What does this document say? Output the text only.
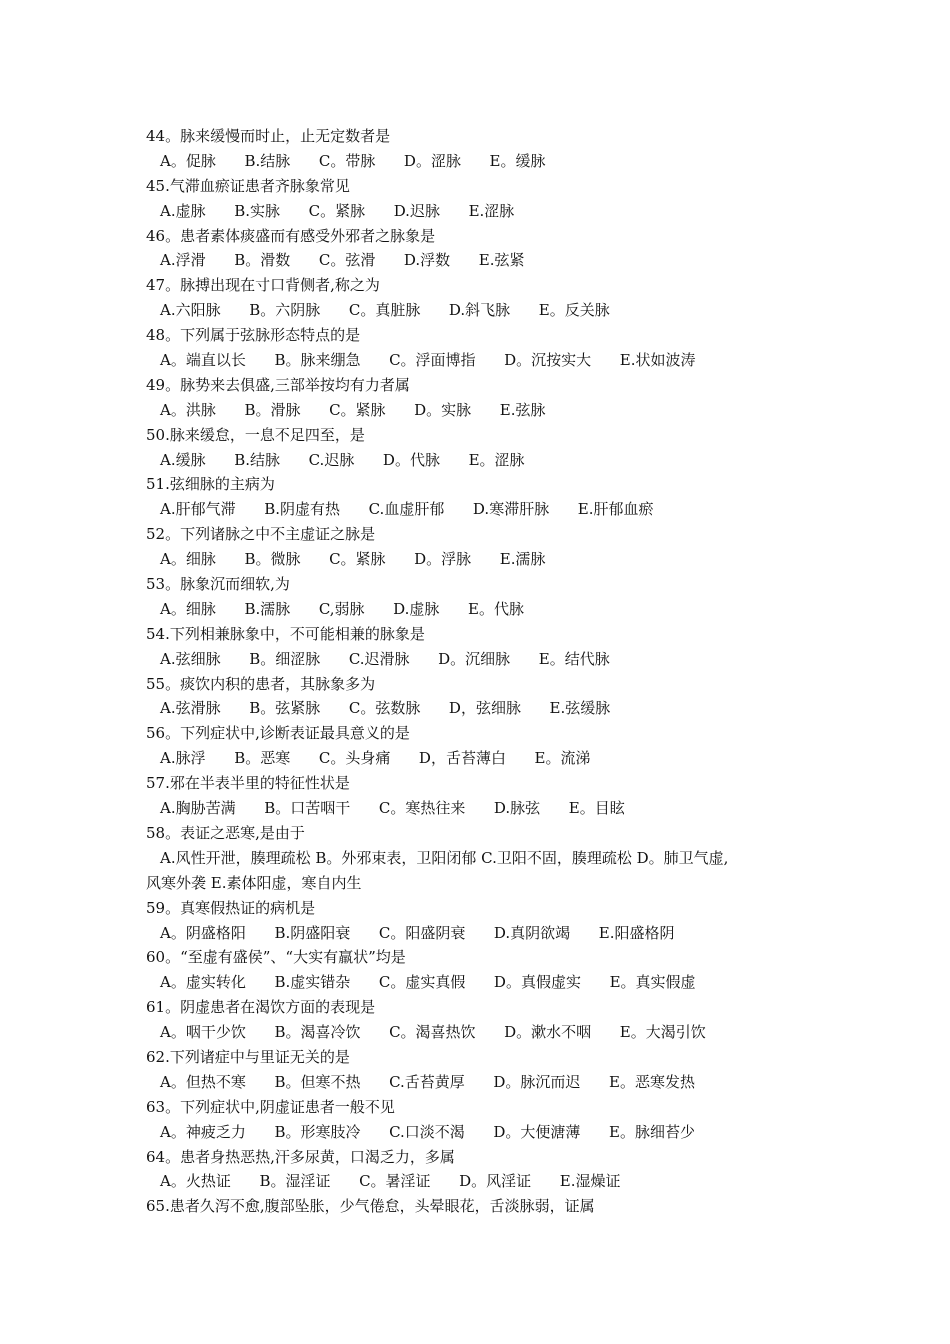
44。脉来缓慢而时止，止无定数者是
A。促脉      B.结脉      C。带脉      D。涩脉      E。缓脉
45.气滞血瘀证患者齐脉象常见
A.虚脉      B.实脉      C。紧脉      D.迟脉      E.涩脉
46。患者素体痰盛而有感受外邪者之脉象是
A.浮滑      B。滑数      C。弦滑      D.浮数      E.弦紧
47。脉搏出现在寸口背侧者,称之为
A.六阳脉      B。六阴脉      C。真脏脉      D.斜飞脉      E。反关脉
48。下列属于弦脉形态特点的是
A。端直以长      B。脉来绷急      C。浮面博指      D。沉按实大      E.状如波涛
49。脉势来去俱盛,三部举按均有力者属
A。洪脉      B。滑脉      C。紧脉      D。实脉      E.弦脉
50.脉来缓怠，一息不足四至，是
A.缓脉      B.结脉      C.迟脉      D。代脉      E。涩脉
51.弦细脉的主病为
A.肝郁气滞      B.阴虚有热      C.血虚肝郁      D.寒滞肝脉      E.肝郁血瘀
52。下列诸脉之中不主虚证之脉是
A。细脉      B。微脉      C。紧脉      D。浮脉      E.濡脉
53。脉象沉而细软,为
A。细脉      B.濡脉      C,弱脉      D.虚脉      E。代脉
54.下列相兼脉象中，不可能相兼的脉象是
A.弦细脉      B。细涩脉      C.迟滑脉      D。沉细脉      E。结代脉
55。痰饮内积的患者，其脉象多为
A.弦滑脉      B。弦紧脉      C。弦数脉      D，弦细脉      E.弦缓脉
56。下列症状中,诊断表证最具意义的是
A.脉浮      B。恶寒      C。头身痛      D，舌苔薄白      E。流涕
57.邪在半表半里的特征性状是
A.胸胁苦满      B。口苦咽干      C。寒热往来      D.脉弦      E。目眩
58。表证之恶寒,是由于
A.风性开泄，腠理疏松 B。外邪束表，卫阳闭郁 C.卫阳不固，腠理疏松 D。肺卫气虚,
风寒外袭 E.素体阳虚，寒自内生
59。真寒假热证的病机是
A。阴盛格阳      B.阴盛阳衰      C。阳盛阴衰      D.真阴欲竭      E.阳盛格阴
60。“至虚有盛侯”、“大实有羸状”均是
A。虚实转化      B.虚实错杂      C。虚实真假      D。真假虚实      E。真实假虚
61。阴虚患者在渴饮方面的表现是
A。咽干少饮      B。渴喜冷饮      C。渴喜热饮      D。漱水不咽      E。大渴引饮
62.下列诸症中与里证无关的是
A。但热不寒      B。但寒不热      C.舌苔黄厚      D。脉沉而迟      E。恶寒发热
63。下列症状中,阴虚证患者一般不见
A。神疲乏力      B。形寒肢冷      C.口淡不渴      D。大便溏薄      E。脉细苔少
64。患者身热恶热,汗多尿黄，口渴乏力，多属
A。火热证      B。湿淫证      C。暑淫证      D。风淫证      E.湿燥证
65.患者久泻不愈,腹部坠胀，少气倦怠，头晕眼花，舌淡脉弱，证属
